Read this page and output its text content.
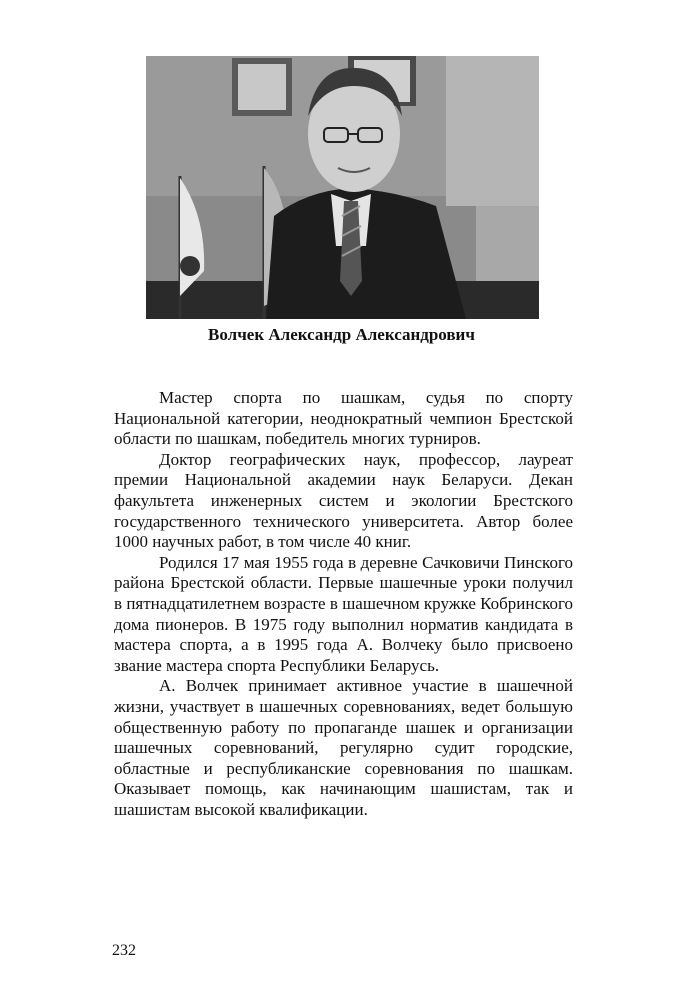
Волчек Александр Александрович

Мастер спорта по шашкам, судья по спорту Национальной категории, неоднократный чемпион Брестской области по шашкам, победитель многих турниров.

Доктор географических наук, профессор, лауреат премии Национальной академии наук Беларуси. Декан факультета инженерных систем и экологии Брестского государственного технического университета. Автор более 1000 научных работ, в том числе 40 книг.

Родился 17 мая 1955 года в деревне Сачковичи Пинского района Брестской области. Первые шашечные уроки получил в пятнадцатилетнем возрасте в шашечном кружке Кобринского дома пионеров. В 1975 году выполнил норматив кандидата в мастера спорта, а в 1995 года А. Волчеку было присвоено звание мастера спорта Республики Беларусь.

А. Волчек принимает активное участие в шашечной жизни, участвует в шашечных соревнованиях, ведет большую общественную работу по пропаганде шашек и организации шашечных соревнований, регулярно судит городские, областные и республиканские соревнования по шашкам. Оказывает помощь, как начинающим шашистам, так и шашистам высокой квалификации.

232
